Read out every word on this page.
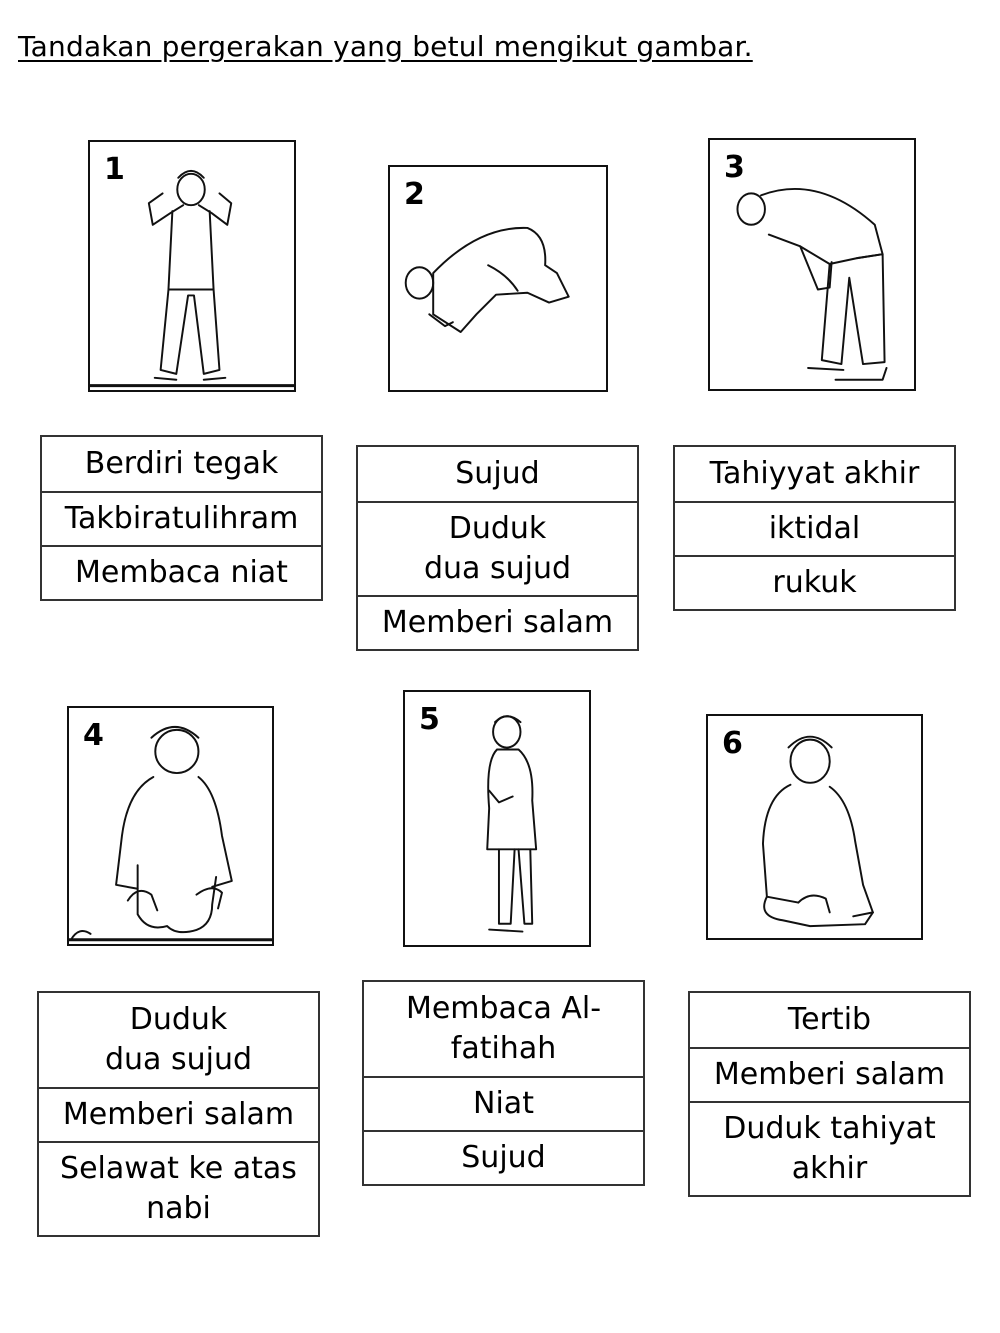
Tandakan pergerakan yang betul mengikut gambar.
1
2
3
4	5
6
Berdiri tegak
Takbiratulihram
Membaca niat
Sujud
Duduk dua sujud
Memberi salam
Tahiyyat akhir
iktidal
rukuk
Duduk dua sujud
Memberi salam
Selawat ke atas nabi
Membaca Al-fatihah
Niat
Sujud
Tertib
Memberi salam
Duduk tahiyat akhir
